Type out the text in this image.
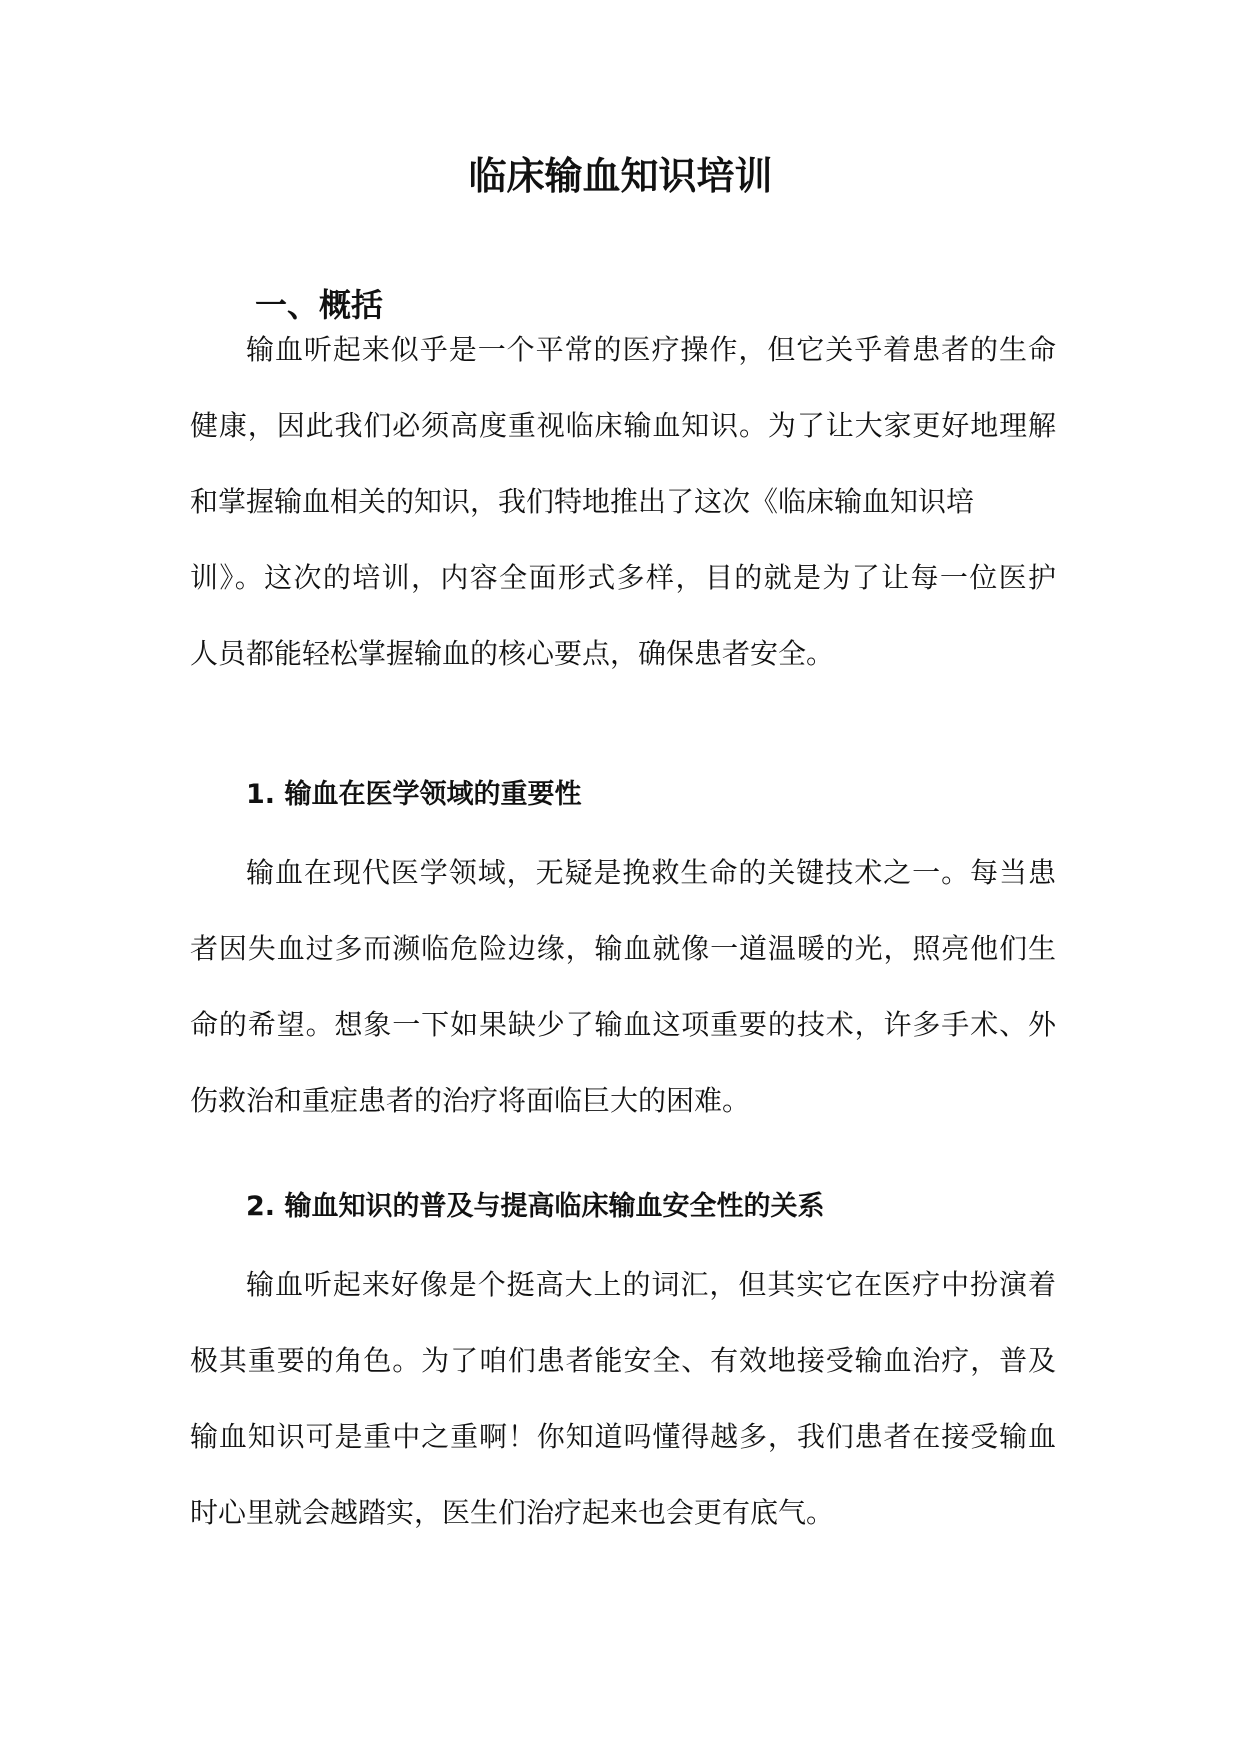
临床输血知识培训
一、概括
输血听起来似乎是一个平常的医疗操作，但它关乎着患者的生命
健康，因此我们必须高度重视临床输血知识。为了让大家更好地理解
和掌握输血相关的知识，我们特地推出了这次《临床输血知识培
训》。这次的培训，内容全面形式多样，目的就是为了让每一位医护
人员都能轻松掌握输血的核心要点，确保患者安全。
1. 输血在医学领域的重要性
输血在现代医学领域，无疑是挽救生命的关键技术之一。每当患
者因失血过多而濒临危险边缘，输血就像一道温暖的光，照亮他们生
命的希望。想象一下如果缺少了输血这项重要的技术，许多手术、外
伤救治和重症患者的治疗将面临巨大的困难。
2. 输血知识的普及与提高临床输血安全性的关系
输血听起来好像是个挺高大上的词汇，但其实它在医疗中扮演着
极其重要的角色。为了咱们患者能安全、有效地接受输血治疗，普及
输血知识可是重中之重啊！你知道吗懂得越多，我们患者在接受输血
时心里就会越踏实，医生们治疗起来也会更有底气。
